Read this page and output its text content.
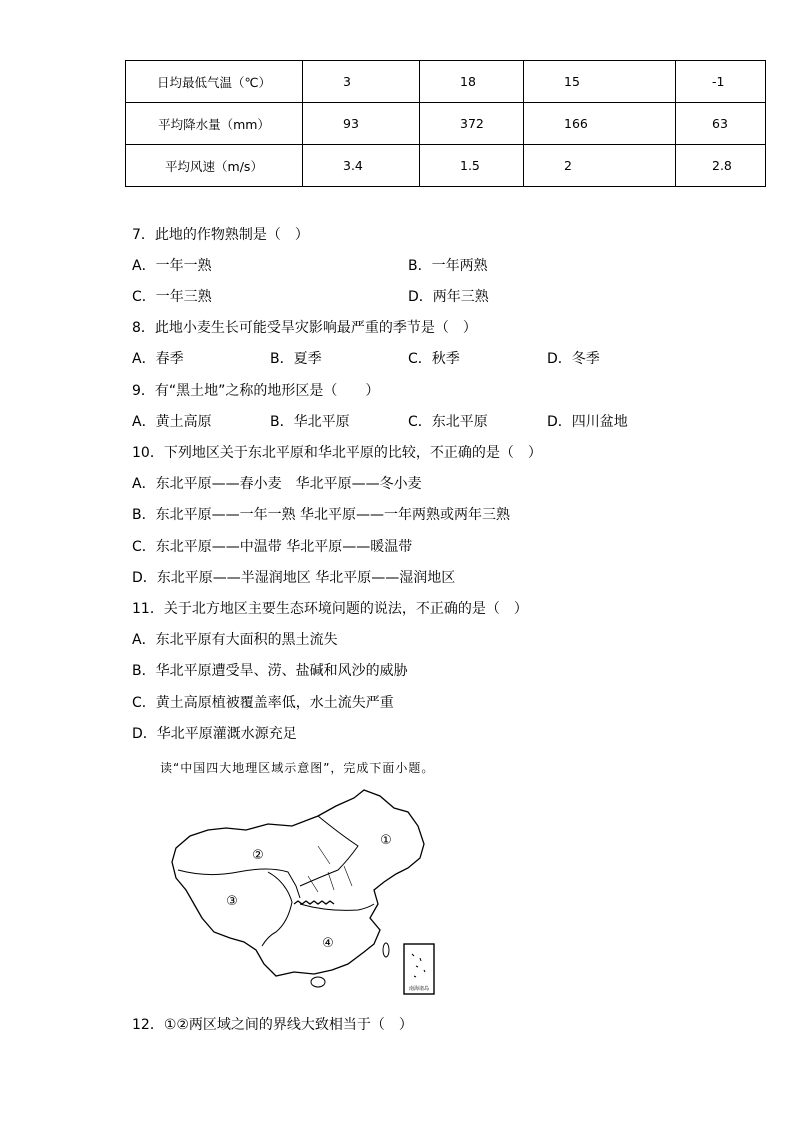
日均最低气温（℃）	3	18	15	-1
平均降水量（mm）	93	372	166	63
平均风速（m/s）	3.4	1.5	2	2.8
7．此地的作物熟制是（　）
A．一年一熟	B．一年两熟
C．一年三熟	D．两年三熟
8．此地小麦生长可能受旱灾影响最严重的季节是（　）
A．春季	B．夏季	C．秋季	D．冬季
9．有“黑土地”之称的地形区是（　　）
A．黄土高原	B．华北平原	C．东北平原	D．四川盆地
10．下列地区关于东北平原和华北平原的比较，不正确的是（　）
A．东北平原——春小麦　华北平原——冬小麦
B．东北平原——一年一熟 华北平原——一年两熟或两年三熟
C．东北平原——中温带 华北平原——暖温带
D．东北平原——半湿润地区 华北平原——湿润地区
11．关于北方地区主要生态环境问题的说法，不正确的是（　）
A．东北平原有大面积的黑土流失
B．华北平原遭受旱、涝、盐碱和风沙的威胁
C．黄土高原植被覆盖率低，水土流失严重
D．华北平原灌溉水源充足
读“中国四大地理区域示意图”，完成下面小题。
①
②
③
④
南海诸岛
12．①②两区域之间的界线大致相当于（　）
